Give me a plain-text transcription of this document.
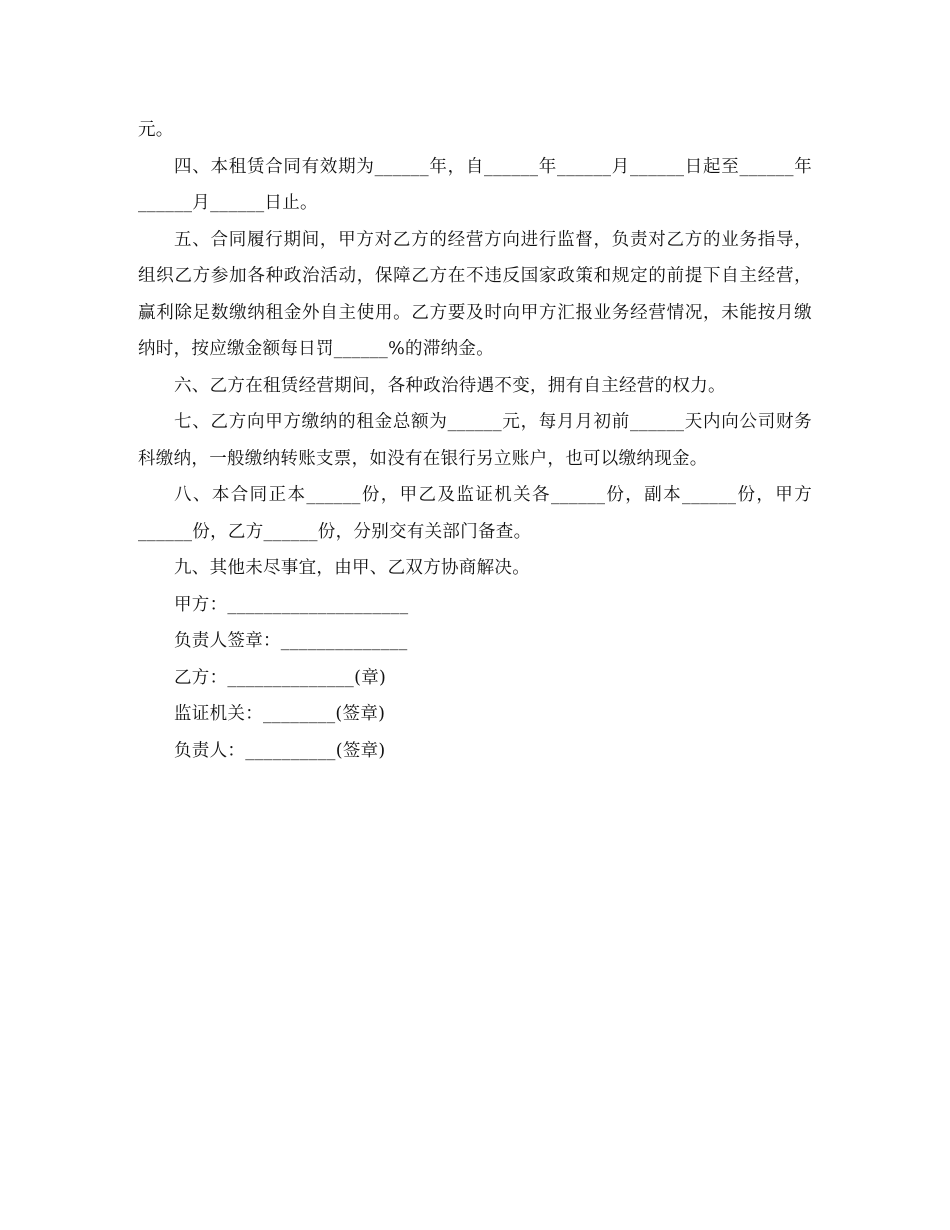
元。

四、本租赁合同有效期为______年，自______年______月______日起至______年______月______日止。

五、合同履行期间，甲方对乙方的经营方向进行监督，负责对乙方的业务指导，组织乙方参加各种政治活动，保障乙方在不违反国家政策和规定的前提下自主经营，赢利除足数缴纳租金外自主使用。乙方要及时向甲方汇报业务经营情况，未能按月缴纳时，按应缴金额每日罚______%的滞纳金。

六、乙方在租赁经营期间，各种政治待遇不变，拥有自主经营的权力。

七、乙方向甲方缴纳的租金总额为______元，每月月初前______天内向公司财务科缴纳，一般缴纳转账支票，如没有在银行另立账户，也可以缴纳现金。

八、本合同正本______份，甲乙及监证机关各______份，副本______份，甲方______份，乙方______份，分别交有关部门备查。

九、其他未尽事宜，由甲、乙双方协商解决。

甲方：____________________

负责人签章：______________

乙方：______________(章)

监证机关：________(签章)

负责人：__________(签章)
